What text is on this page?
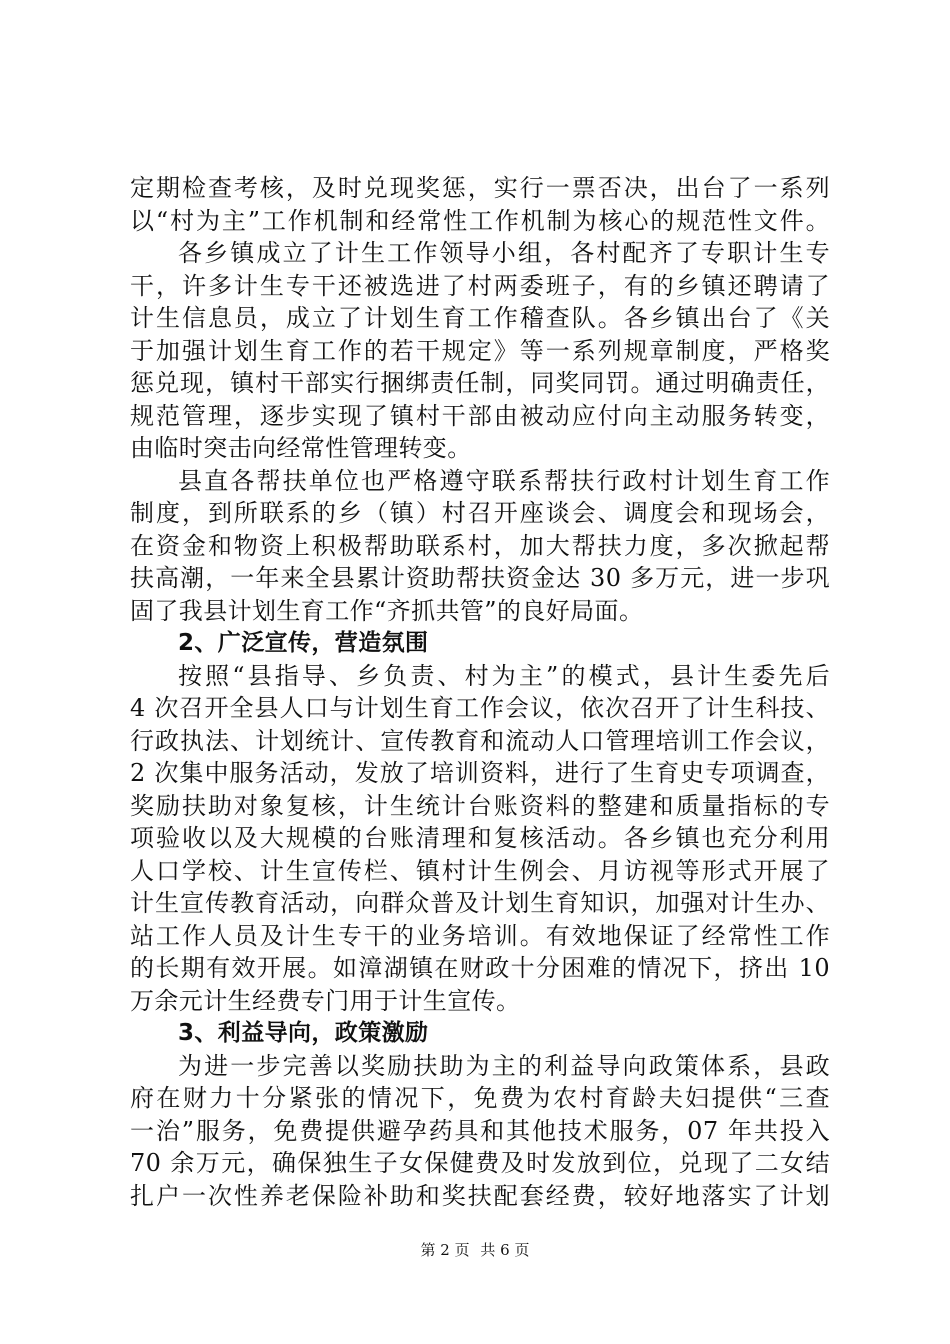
定期检查考核，及时兑现奖惩，实行一票否决，出台了一系列
以“村为主”工作机制和经常性工作机制为核心的规范性文件。
各乡镇成立了计生工作领导小组，各村配齐了专职计生专
干，许多计生专干还被选进了村两委班子，有的乡镇还聘请了
计生信息员，成立了计划生育工作稽查队。各乡镇出台了《关
于加强计划生育工作的若干规定》等一系列规章制度，严格奖
惩兑现，镇村干部实行捆绑责任制，同奖同罚。通过明确责任，
规范管理，逐步实现了镇村干部由被动应付向主动服务转变，
由临时突击向经常性管理转变。
县直各帮扶单位也严格遵守联系帮扶行政村计划生育工作
制度，到所联系的乡（镇）村召开座谈会、调度会和现场会，
在资金和物资上积极帮助联系村，加大帮扶力度，多次掀起帮
扶高潮，一年来全县累计资助帮扶资金达 30 多万元，进一步巩
固了我县计划生育工作“齐抓共管”的良好局面。
2、广泛宣传，营造氛围
按照“县指导、乡负责、村为主”的模式，县计生委先后
4 次召开全县人口与计划生育工作会议，依次召开了计生科技、
行政执法、计划统计、宣传教育和流动人口管理培训工作会议，
2 次集中服务活动，发放了培训资料，进行了生育史专项调查，
奖励扶助对象复核，计生统计台账资料的整建和质量指标的专
项验收以及大规模的台账清理和复核活动。各乡镇也充分利用
人口学校、计生宣传栏、镇村计生例会、月访视等形式开展了
计生宣传教育活动，向群众普及计划生育知识，加强对计生办、
站工作人员及计生专干的业务培训。有效地保证了经常性工作
的长期有效开展。如漳湖镇在财政十分困难的情况下，挤出 10
万余元计生经费专门用于计生宣传。
3、利益导向，政策激励
为进一步完善以奖励扶助为主的利益导向政策体系，县政
府在财力十分紧张的情况下，免费为农村育龄夫妇提供“三查
一治”服务，免费提供避孕药具和其他技术服务，07 年共投入
70 余万元，确保独生子女保健费及时发放到位，兑现了二女结
扎户一次性养老保险补助和奖扶配套经费，较好地落实了计划
第 2 页 共 6 页
